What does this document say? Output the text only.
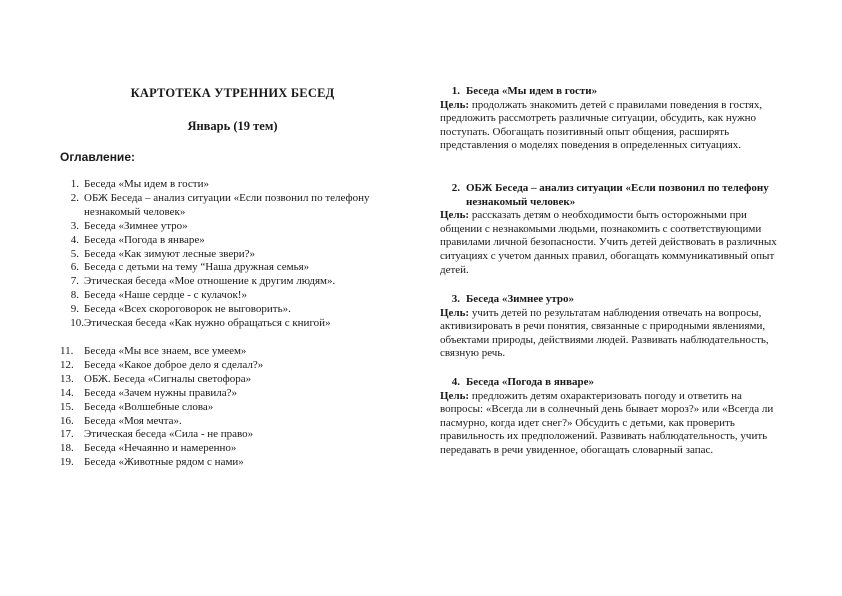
КАРТОТЕКА УТРЕННИХ БЕСЕД
Январь (19 тем)
Оглавление:
1. Беседа «Мы идем в гости»
2. ОБЖ Беседа – анализ ситуации «Если позвонил по телефону незнакомый человек»
3. Беседа «Зимнее утро»
4. Беседа «Погода в январе»
5. Беседа «Как зимуют лесные звери?»
6. Беседа с детьми на тему “Наша дружная семья»
7. Этическая беседа «Мое отношение к другим людям».
8. Беседа «Наше сердце - с кулачок!»
9. Беседа «Всех скороговорок не выговорить».
10. Этическая беседа «Как нужно обращаться с книгой»
11. Беседа «Мы все знаем, все умеем»
12. Беседа «Какое доброе дело я сделал?»
13. ОБЖ. Беседа «Сигналы светофора»
14. Беседа «Зачем нужны правила?»
15. Беседа «Волшебные слова»
16. Беседа «Моя мечта».
17. Этическая беседа «Сила - не право»
18. Беседа «Нечаянно и намеренно»
19. Беседа «Животные рядом с нами»
1. Беседа «Мы идем в гости»
Цель: продолжать знакомить детей с правилами поведения в гостях, предложить рассмотреть различные ситуации, обсудить, как нужно поступать. Обогащать позитивный опыт общения, расширять представления о моделях поведения в определенных ситуациях.
2. ОБЖ Беседа – анализ ситуации «Если позвонил по телефону незнакомый человек»
Цель: рассказать детям о необходимости быть осторожными при общении с незнакомыми людьми, познакомить с соответствующими правилами личной безопасности. Учить детей действовать в различных ситуациях с учетом данных правил, обогащать коммуникативный опыт детей.
3. Беседа «Зимнее утро»
Цель: учить детей по результатам наблюдения отвечать на вопросы, активизировать в речи понятия, связанные с природными явлениями, объектами природы, действиями людей. Развивать наблюдательность, связную речь.
4. Беседа «Погода в январе»
Цель: предложить детям охарактеризовать погоду и ответить на вопросы: «Всегда ли в солнечный день бывает мороз?» или «Всегда ли пасмурно, когда идет снег?» Обсудить с детьми, как проверить правильность их предположений. Развивать наблюдательность, учить передавать в речи увиденное, обогащать словарный запас.
